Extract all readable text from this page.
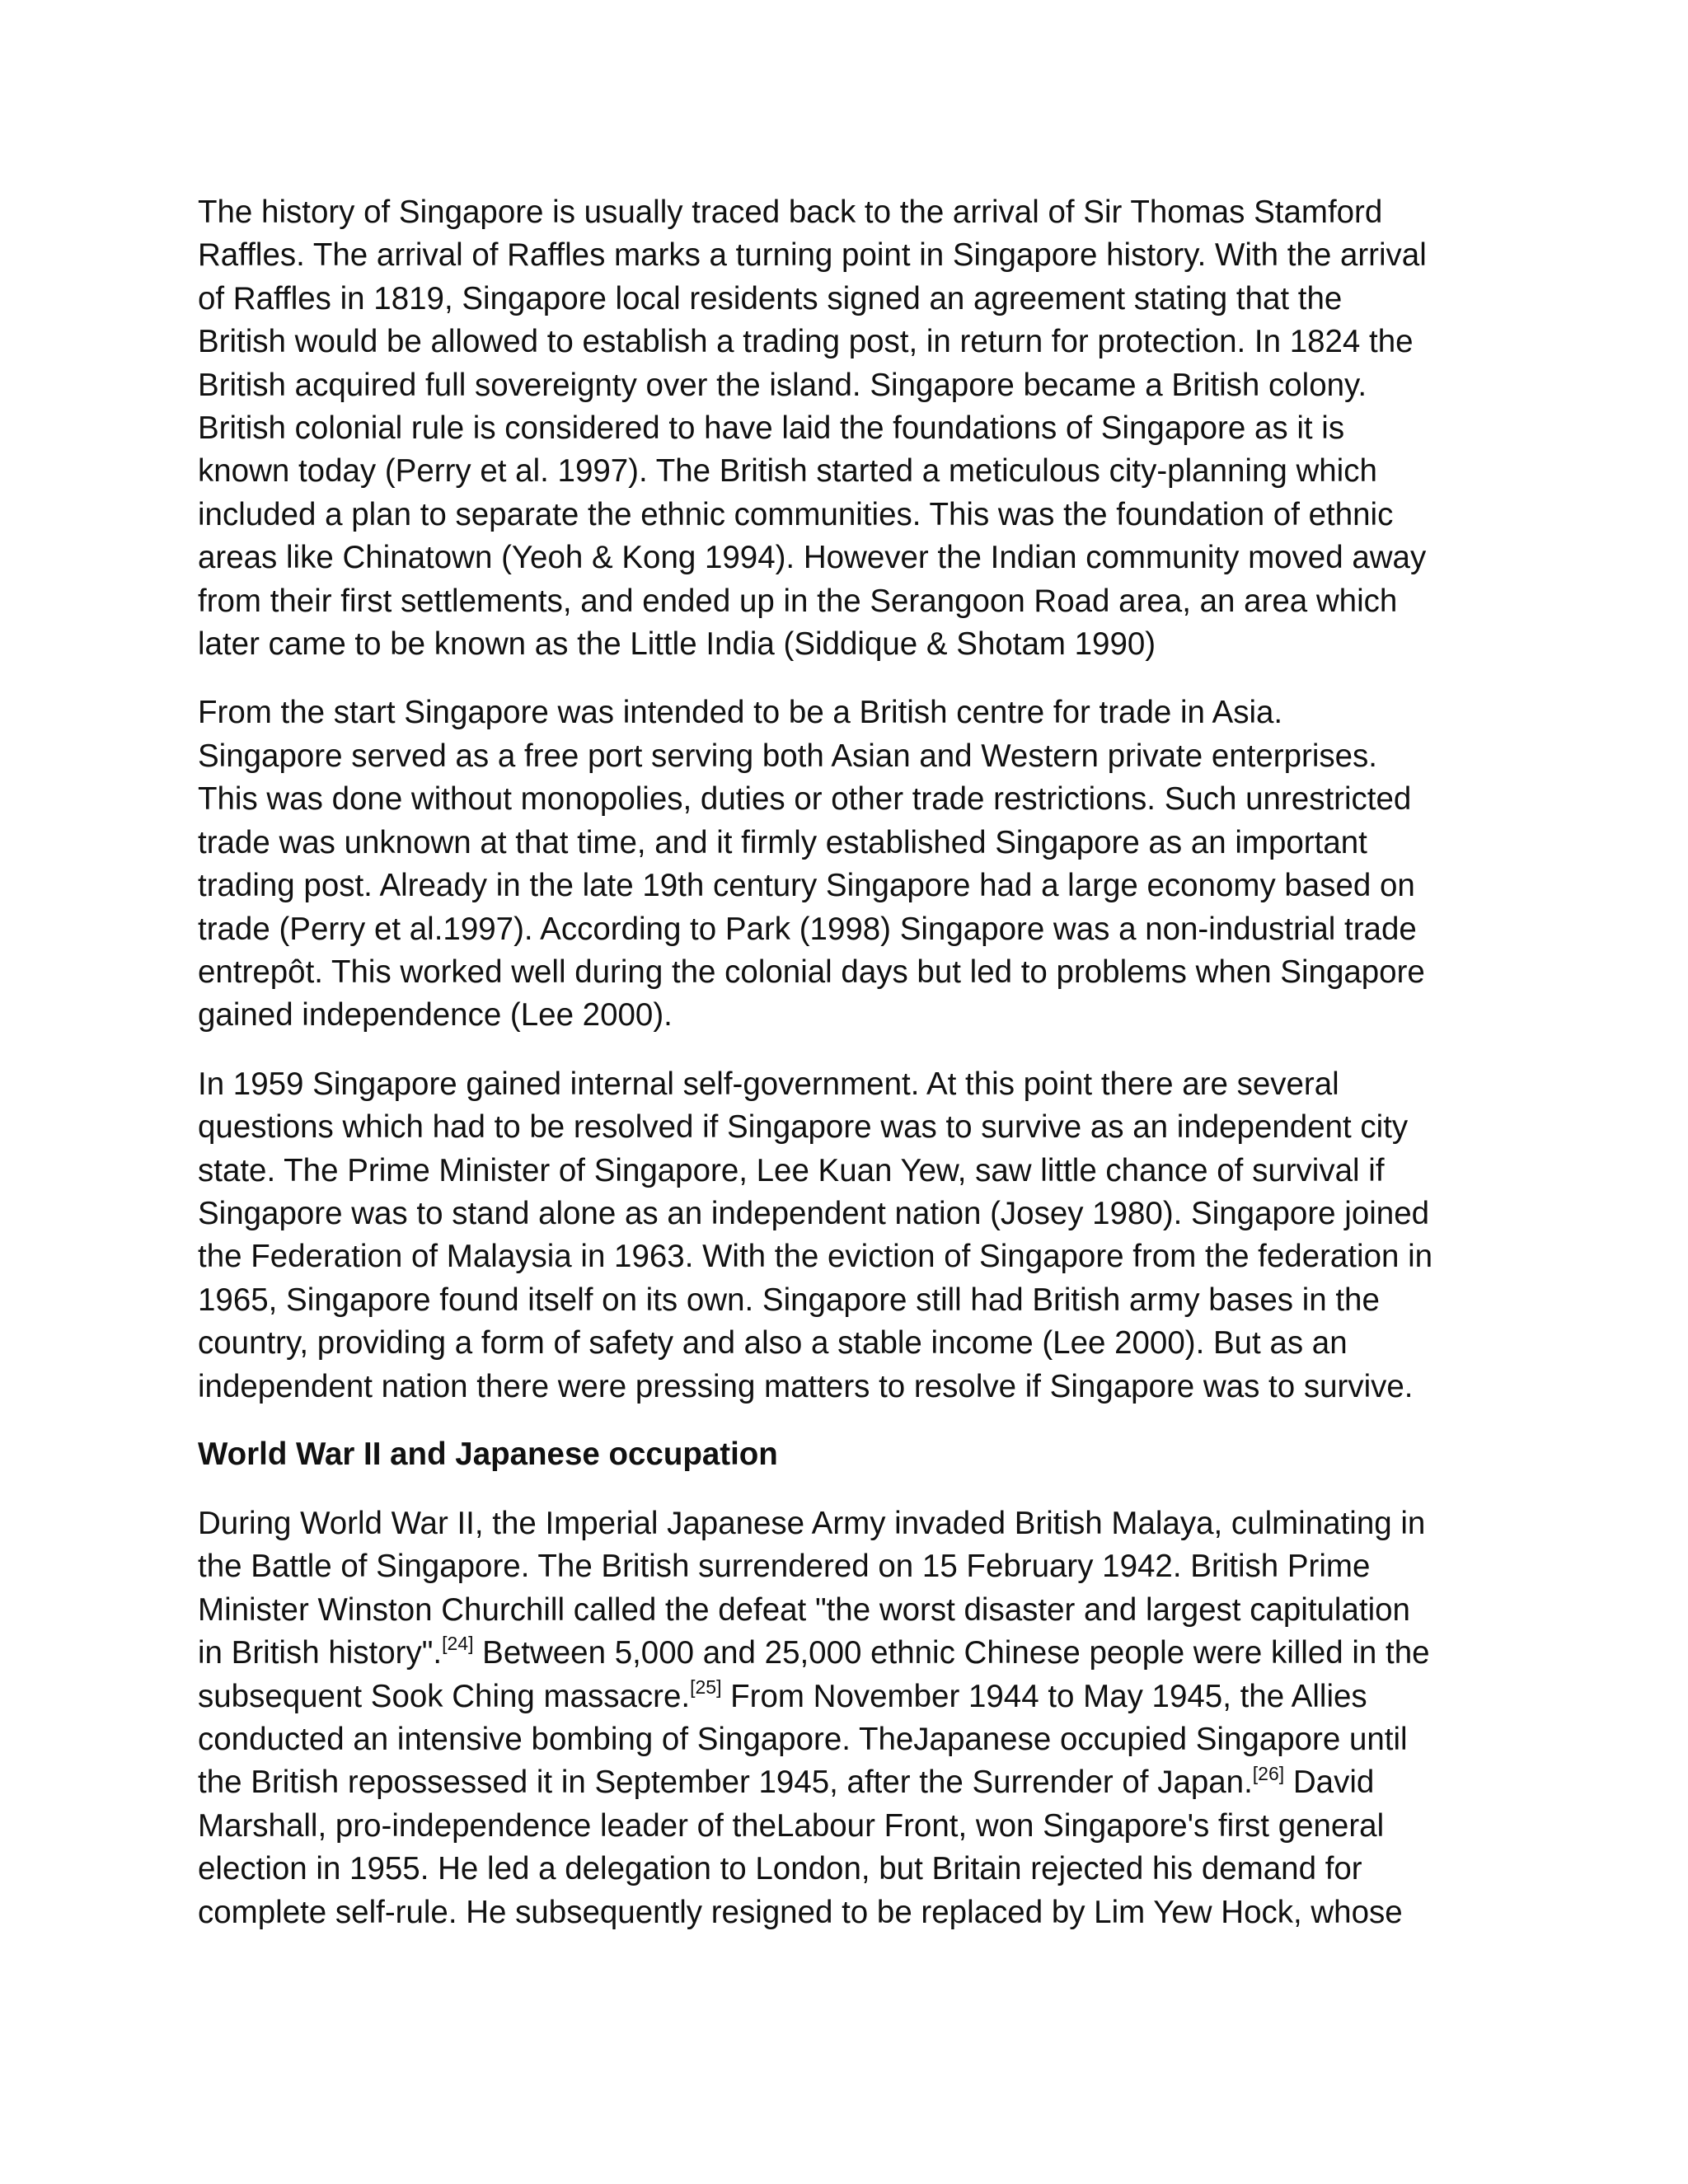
The history of Singapore is usually traced back to the arrival of Sir Thomas Stamford
Raffles. The arrival of Raffles marks a turning point in Singapore history. With the arrival
of Raffles in 1819, Singapore local residents signed an agreement stating that the
British would be allowed to establish a trading post, in return for protection. In 1824 the
British acquired full sovereignty over the island. Singapore became a British colony.
British colonial rule is considered to have laid the foundations of Singapore as it is
known today (Perry et al. 1997). The British started a meticulous city-planning which
included a plan to separate the ethnic communities. This was the foundation of ethnic
areas like Chinatown (Yeoh & Kong 1994). However the Indian community moved away
from their first settlements, and ended up in the Serangoon Road area, an area which
later came to be known as the Little India (Siddique & Shotam 1990)

From the start Singapore was intended to be a British centre for trade in Asia.
Singapore served as a free port serving both Asian and Western private enterprises.
This was done without monopolies, duties or other trade restrictions. Such unrestricted
trade was unknown at that time, and it firmly established Singapore as an important
trading post. Already in the late 19th century Singapore had a large economy based on
trade (Perry et al.1997). According to Park (1998) Singapore was a non-industrial trade
entrepôt. This worked well during the colonial days but led to problems when Singapore
gained independence (Lee 2000).

In 1959 Singapore gained internal self-government. At this point there are several
questions which had to be resolved if Singapore was to survive as an independent city
state. The Prime Minister of Singapore, Lee Kuan Yew, saw little chance of survival if
Singapore was to stand alone as an independent nation (Josey 1980). Singapore joined
the Federation of Malaysia in 1963. With the eviction of Singapore from the federation in
1965, Singapore found itself on its own. Singapore still had British army bases in the
country, providing a form of safety and also a stable income (Lee 2000). But as an
independent nation there were pressing matters to resolve if Singapore was to survive.

World War II and Japanese occupation

During World War II, the Imperial Japanese Army invaded British Malaya, culminating in
the Battle of Singapore. The British surrendered on 15 February 1942. British Prime
Minister Winston Churchill called the defeat "the worst disaster and largest capitulation
in British history".[24] Between 5,000 and 25,000 ethnic Chinese people were killed in the
subsequent Sook Ching massacre.[25] From November 1944 to May 1945, the Allies
conducted an intensive bombing of Singapore. TheJapanese occupied Singapore until
the British repossessed it in September 1945, after the Surrender of Japan.[26] David
Marshall, pro-independence leader of theLabour Front, won Singapore's first general
election in 1955. He led a delegation to London, but Britain rejected his demand for
complete self-rule. He subsequently resigned to be replaced by Lim Yew Hock, whose
